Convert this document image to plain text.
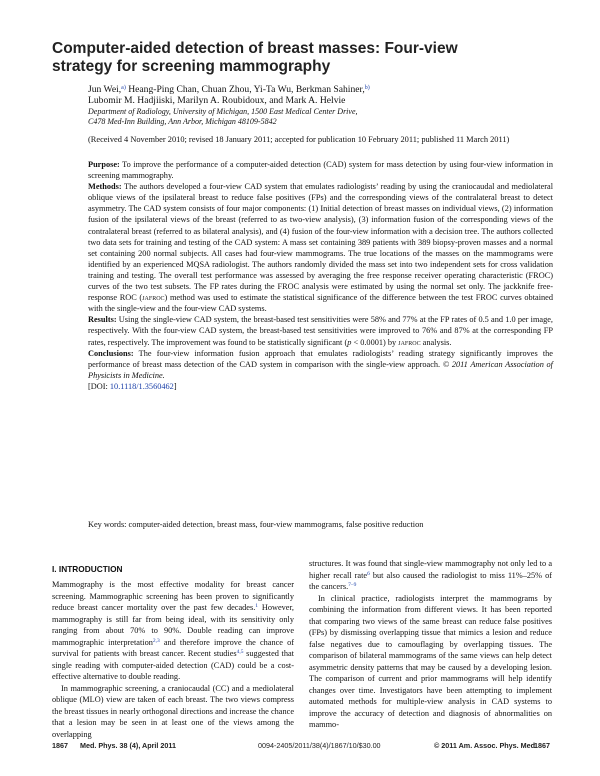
Computer-aided detection of breast masses: Four-view strategy for screening mammography
Jun Wei,$^{a)}$ Heang-Ping Chan, Chuan Zhou, Yi-Ta Wu, Berkman Sahiner,$^{b)}$
Lubomir M. Hadjiiski, Marilyn A. Roubidoux, and Mark A. Helvie
Department of Radiology, University of Michigan, 1500 East Medical Center Drive,
C478 Med-Inn Building, Ann Arbor, Michigan 48109-5842
(Received 4 November 2010; revised 18 January 2011; accepted for publication 10 February 2011; published 11 March 2011)

Purpose: To improve the performance of a computer-aided detection (CAD) system for mass detection by using four-view information in screening mammography.

Methods: The authors developed a four-view CAD system that emulates radiologists’ reading by using the craniocaudal and mediolateral oblique views of the ipsilateral breast to reduce false positives (FPs) and the corresponding views of the contralateral breast to detect asymmetry. The CAD system consists of four major components: (1) Initial detection of breast masses on individual views, (2) information fusion of the ipsilateral views of the breast (referred to as two-view analysis), (3) information fusion of the corresponding views of the contralateral breast (referred to as bilateral analysis), and (4) fusion of the four-view information with a decision tree. The authors collected two data sets for training and testing of the CAD system: A mass set containing 389 patients with 389 biopsy-proven masses and a normal set containing 200 normal subjects. All cases had four-view mammograms. The true locations of the masses on the mammograms were identified by an experienced MQSA radiologist. The authors randomly divided the mass set into two independent sets for cross validation training and testing. The overall test performance was assessed by averaging the free response receiver operating characteristic (FROC) curves of the two test subsets. The FP rates during the FROC analysis were estimated by using the normal set only. The jackknife free-response ROC (jafroc) method was used to estimate the statistical significance of the difference between the test FROC curves obtained with the single-view and the four-view CAD systems.

Results: Using the single-view CAD system, the breast-based test sensitivities were 58% and 77% at the FP rates of 0.5 and 1.0 per image, respectively. With the four-view CAD system, the breast-based test sensitivities were improved to 76% and 87% at the corresponding FP rates, respectively. The improvement was found to be statistically significant (p < 0.0001) by jafroc analysis.

Conclusions: The four-view information fusion approach that emulates radiologists’ reading strategy significantly improves the performance of breast mass detection of the CAD system in comparison with the single-view approach. © 2011 American Association of Physicists in Medicine.
[DOI: 10.1118/1.3560462]

Key words: computer-aided detection, breast mass, four-view mammograms, false positive reduction
I. INTRODUCTION

Mammography is the most effective modality for breast cancer screening. Mammographic screening has been proven to significantly reduce breast cancer mortality over the past few decades.$^1$ However, mammography is still far from being ideal, with its sensitivity only ranging from about 70% to 90%. Double reading can improve mammographic interpretation$^{2,3}$ and therefore improve the chance of survival for patients with breast cancer. Recent studies$^{4,5}$ suggested that single reading with computer-aided detection (CAD) could be a cost-effective alternative to double reading.

In mammographic screening, a craniocaudal (CC) and a mediolateral oblique (MLO) view are taken of each breast. The two views compress the breast tissues in nearly orthogonal directions and increase the chance that a lesion may be seen in at least one of the views among the overlapping

structures. It was found that single-view mammography not only led to a higher recall rate$^6$ but also caused the radiologist to miss 11%–25% of the cancers.$^{7-9}$

In clinical practice, radiologists interpret the mammograms by combining the information from different views. It has been reported that comparing two views of the same breast can reduce false positives (FPs) by dismissing overlapping tissue that mimics a lesion and reduce false negatives due to camouflaging by overlapping tissues. The comparison of bilateral mammograms of the same views can help detect asymmetric density patterns that may be caused by a developing lesion. The comparison of current and prior mammograms will help identify changes over time. Investigators have been attempting to implement automated methods for multiple-view analysis in CAD systems to improve the accuracy of detection and diagnosis of abnormalities on mammo-

1867 Med. Phys. 38 (4), April 2011	0094-2405/2011/38(4)/1867/10/$30.00	© 2011 Am. Assoc. Phys. Med.
1867
